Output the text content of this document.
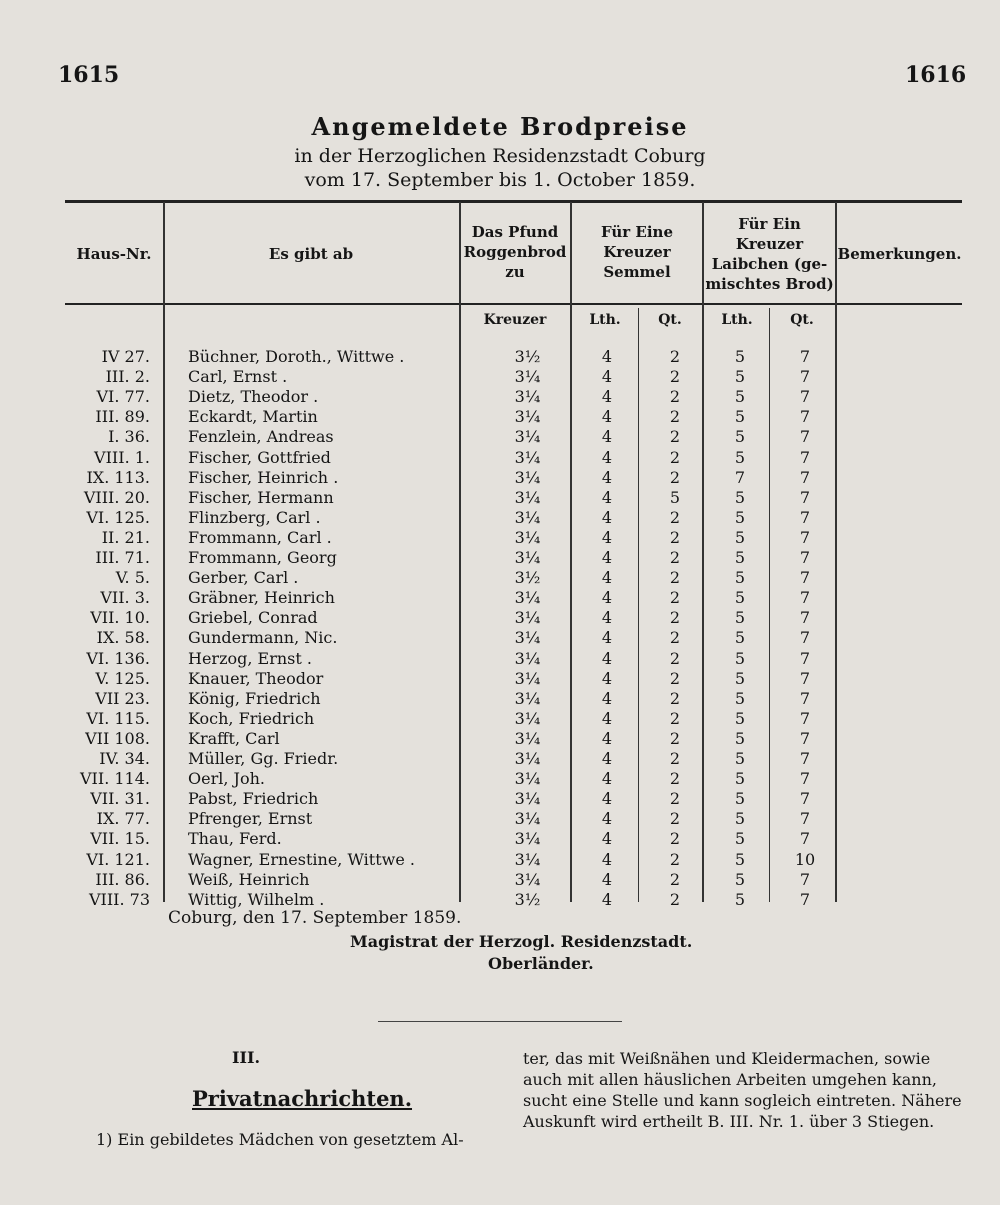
1615	1616
Angemeldete Brodpreise
in der Herzoglichen Residenzstadt Coburg
vom 17. September bis 1. October 1859.
Haus-Nr.	Es gibt ab
Das Pfund
Roggenbrod
zu
Für Eine
Kreuzer
Semmel
Für Ein
Kreuzer
Laibchen (ge-
mischtes Brod)
Bemerkungen.
Kreuzer	Lth.	Qt.	Lth.	Qt.
IV 27. Büchner, Doroth., Wittwe .	3½	4	2	5	7
III. 2. Carl, Ernst .	3¼	4	2	5	7
VI. 77. Dietz, Theodor .	3¼	4	2	5	7
III. 89. Eckardt, Martin	3¼	4	2	5	7
I. 36. Fenzlein, Andreas	3¼	4	2	5	7
VIII. 1. Fischer, Gottfried	3¼	4	2	5	7
IX. 113. Fischer, Heinrich .	3¼	4	2	7	7
VIII. 20. Fischer, Hermann	3¼	4	5	5	7
VI. 125. Flinzberg, Carl .	3¼	4	2	5	7
II. 21. Frommann, Carl .	3¼	4	2	5	7
III. 71. Frommann, Georg	3¼	4	2	5	7
V. 5. Gerber, Carl .	3½	4	2	5	7
VII. 3. Gräbner, Heinrich	3¼	4	2	5	7
VII. 10. Griebel, Conrad	3¼	4	2	5	7
IX. 58. Gundermann, Nic.	3¼	4	2	5	7
VI. 136. Herzog, Ernst .	3¼	4	2	5	7
V. 125. Knauer, Theodor	3¼	4	2	5	7
VII 23. König, Friedrich	3¼	4	2	5	7
VI. 115. Koch, Friedrich	3¼	4	2	5	7
VII 108. Krafft, Carl	3¼	4	2	5	7
IV. 34. Müller, Gg. Friedr.	3¼	4	2	5	7
VII. 114. Oerl, Joh.	3¼	4	2	5	7
VII. 31. Pabst, Friedrich	3¼	4	2	5	7
IX. 77. Pfrenger, Ernst	3¼	4	2	5	7
VII. 15. Thau, Ferd.	3¼	4	2	5	7
VI. 121. Wagner, Ernestine, Wittwe .	3¼	4	2	5	10
III. 86. Weiß, Heinrich	3¼	4	2	5	7
VIII. 73 Wittig, Wilhelm .	3½	4	2	5	7
Coburg, den 17. September 1859.
Magistrat der Herzogl. Residenzstadt.
Oberländer.
III.
Privatnachrichten.
1) Ein gebildetes Mädchen von gesetztem Al-
ter, das mit Weißnähen und Kleidermachen, sowie auch mit allen häuslichen Arbeiten umgehen kann, sucht eine Stelle und kann sogleich eintreten. Nähere Auskunft wird ertheilt B. III. Nr. 1. über 3 Stiegen.
